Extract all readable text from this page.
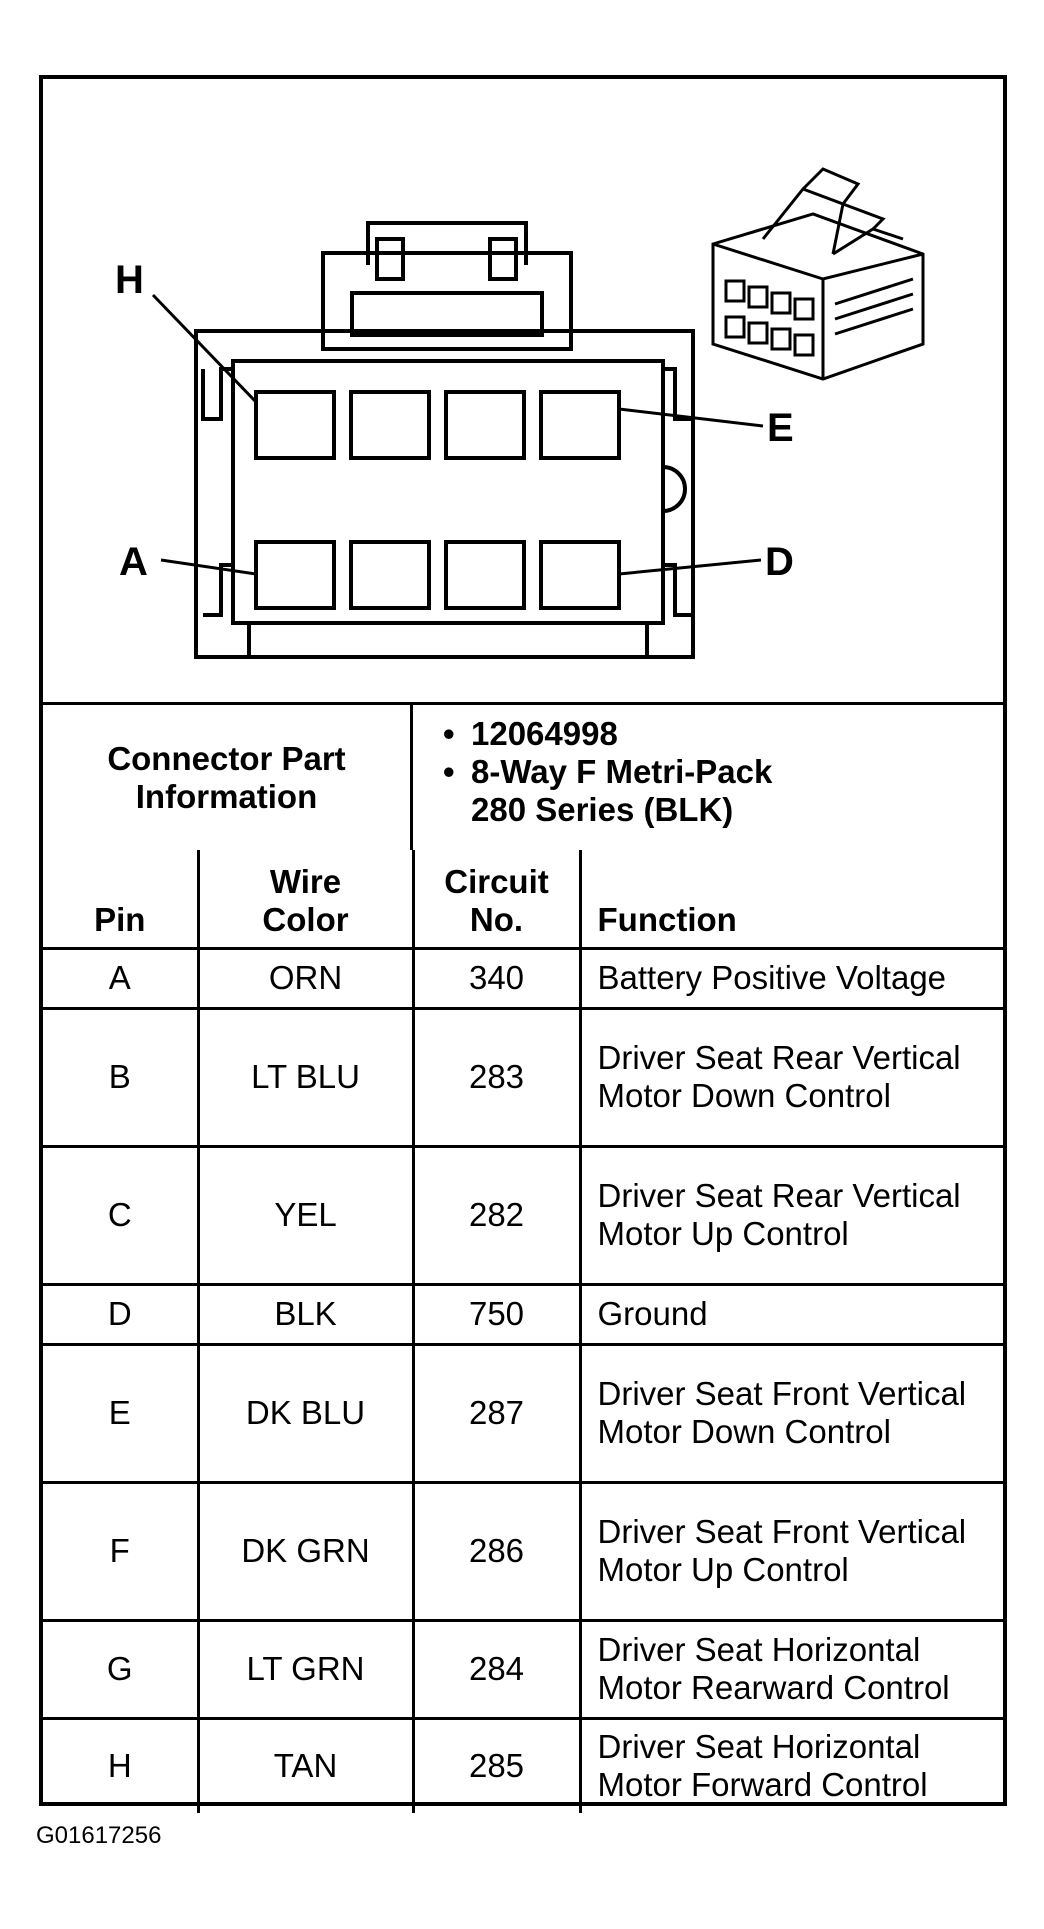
H
E
A	D
Connector Part Information
• 12064998
• 8-Way F Metri-Pack 280 Series (BLK)
Pin	Wire Color	Circuit No.	Function
A	ORN	340	Battery Positive Voltage
B	LT BLU	283	Driver Seat Rear Vertical Motor Down Control
C	YEL	282	Driver Seat Rear Vertical Motor Up Control
D	BLK	750	Ground
E	DK BLU	287	Driver Seat Front Vertical Motor Down Control
F	DK GRN	286	Driver Seat Front Vertical Motor Up Control
G	LT GRN	284	Driver Seat Horizontal Motor Rearward Control
H	TAN	285	Driver Seat Horizontal Motor Forward Control
G01617256
